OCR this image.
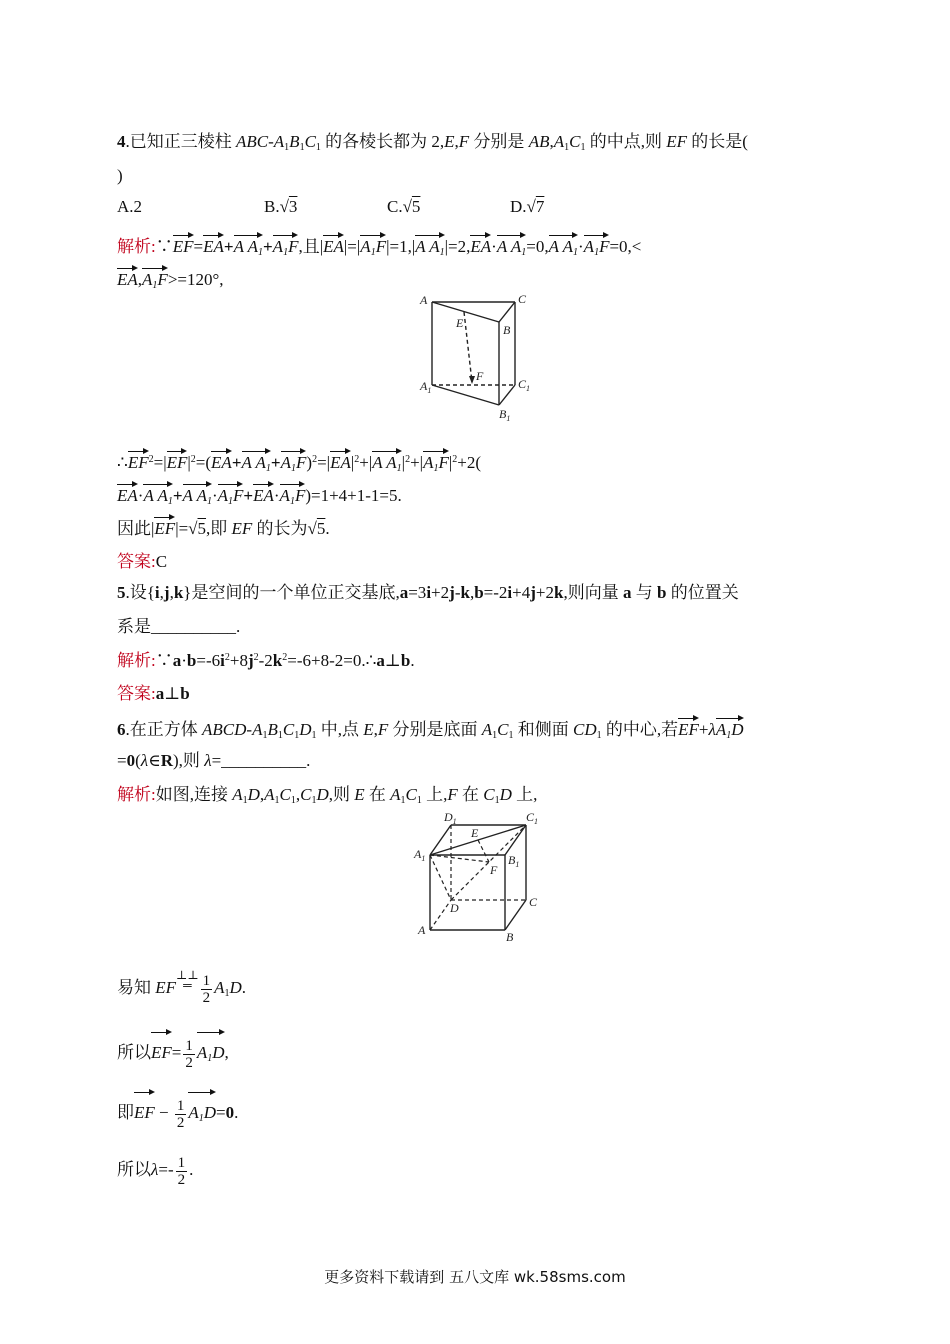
4.已知正三棱柱 ABC-$A_1B_1C_1$ 的各棱长都为 2,E,F 分别是 $AB,A_1C_1$ 的中点,则 EF 的长是(
)
A.2	B.√3	C.√5	D.√7
解析:∵EF=EA+A $A_1+A_1F$,且$|EA|=|A_1F|=1,|A$ $A_1|=2,EA\cdot A$ $A_1=0,A$ $A_1\cdot A_1F=0,<$
$EA,A_1F>=120^\circ$,
A	C
E	B
F
$A_1$	$C_1$
$B_1$
$\therefore EF^2=|EF|^2=(EA+A$ $A_1+A_1F)^2=|EA|^2+|A$ $A_1|^2+|A_1F|^2+2$(
EA·A $A_1+A$ $A_1\cdot A_1F+EA\cdot A_1F)=1+4+1-1=5$.
因此|EF|=√5,即 EF 的长为√5.
答案:C
5.设{i,j,k}是空间的一个单位正交基底,a=3i+2j-k,b=-2i+4j+2k,则向量 a 与 b 的位置关
系是__________.
解析$:\because a\cdot b=-6i^2+8j^2-2k^2=-6+8-2=0.\therefore a\perp b$.
答案:a⊥b
6.在正方体 ABCD-$A_1B_1C_1D_1$ 中,点 E,F 分别是底面 $A_1C_1$ 和侧面 $CD_1$ 的中心,若$EF+\lambda A_1D$
=0(λ∈R),则 λ=__________.
解析:如图,连接 $A_1D,A_1C_1,C_1D$,则 E 在 $A_1C_1$ 上,F 在 $C_1D$ 上,
$D_1$
E
$C_1$
$A_1$	$B_1$
F
D	C
A	B
易知 EF⊥⊥
═ $\frac{1}{2} A_1D$.
所以$EF= \frac{1}{2} A_1D$,
即EF − $\frac{1}{2} A_1D=0$.
所以$\lambda=- \frac{1}{2}$ .
更多资料下载请到 五八文库 wk.58sms.com
